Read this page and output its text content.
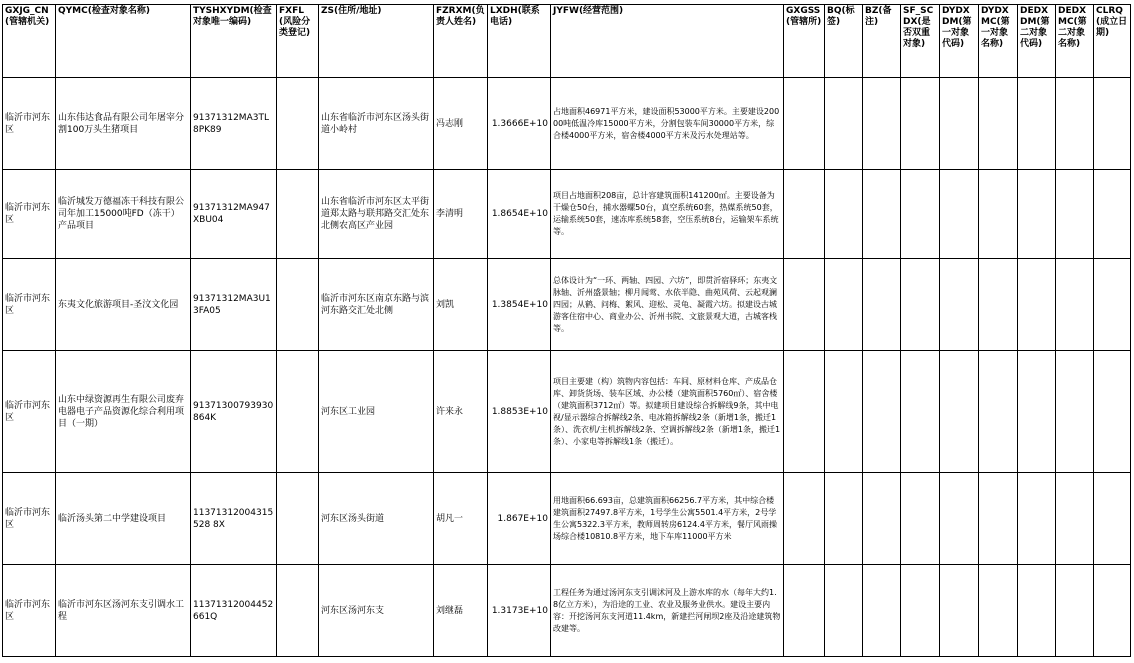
GXJG_CN(管辖机关)	QYMC(检查对象名称)	TYSHXYDM(检查对象唯一编码)	FXFL(风险分类登记)	ZS(住所/地址)	FZRXM(负责人姓名)	LXDH(联系电话)	JYFW(经营范围)	GXGSS(管辖所)	BQ(标签)	BZ(备注)	SF_SCDX(是否双重对象)	DYDXDM(第一对象代码)	DYDXMC(第一对象名称)	DEDXDM(第二对象代码)	DEDXMC(第二对象名称)	CLRQ(成立日期)
临沂市河东区	山东伟达食品有限公司年屠宰分割100万头生猪项目	91371312MA3TL8PK89		山东省临沂市河东区汤头街道小岭村	冯志刚	1.3666E+10	占地面积46971平方米，建设面积53000平方米。主要建设20000吨低温冷库15000平方米，分割包装车间30000平方米，综合楼4000平方米，宿舍楼4000平方米及污水处理站等。									
临沂市河东区	临沂城发万德福冻干科技有限公司年加工15000吨FD（冻干）产品项目	91371312MA947XBU04		山东省临沂市河东区太平街道郑太路与联邦路交汇处东北侧农高区产业园	李清明	1.8654E+10	项目占地面积208亩，总计容建筑面积141200㎡。主要设备为干燥仓50台，捕水器螺50台，真空系统60套，热媒系统50套，运输系统50套，速冻库系统58套，空压系统8台，运输架车系统等。									
临沂市河东区	东夷文化旅游项目-圣汶文化园	91371312MA3U13FA05		临沂市河东区南京东路与滨河东路交汇处北侧	刘凯	1.3854E+10	总体设计为“一环、两轴、四园、六坊”，即贯沂宿驿环；东夷文脉轴、沂州盛景轴；柳月闻莺、水依半隐、曲苑风荷、云起观澜四园；从鹤、问梅、絮风、迎松、灵龟、凝霞六坊。拟建设古城游客住宿中心、商业办公、沂州书院、文旅景观大道，古城客栈等。									
临沂市河东区	山东中绿资源再生有限公司废弃电器电子产品资源化综合利用项目（一期）	91371300793930864K		河东区工业园	许来永	1.8853E+10	项目主要建（构）筑物内容包括：车间、原材料仓库、产成品仓库、卸货货场、装车区域、办公楼（建筑面积5760㎡）、宿舍楼（建筑面积3712㎡）等。拟建项目建设综合拆解线9条，其中电视/显示器综合拆解线2条、电冰箱拆解线2条（新增1条，搬迁1条）、洗衣机/主机拆解线2条、空调拆解线2条（新增1条，搬迁1条）、小家电等拆解线1条（搬迁）。									
临沂市河东区	临沂汤头第二中学建设项目	11371312004315528 8X		河东区汤头街道	胡凡一	1.867E+10	用地面积66.693亩，总建筑面积66256.7平方米，其中综合楼建筑面积27497.8平方米，1号学生公寓5501.4平方米，2号学生公寓5322.3平方米，教师周转房6124.4平方米，餐厅风雨操场综合楼10810.8平方米，地下车库11000平方米									
临沂市河东区	临沂市河东区汤河东支引调水工程	11371312004452661Q		河东区汤河东支	刘继磊	1.3173E+10	工程任务为通过汤河东支引调沭河及上游水库的水（每年大约1.8亿立方米），为沿途的工业、农业及服务业供水。建设主要内容：开挖汤河东支河道11.4km，新建拦河闸坝2座及沿途建筑物改建等。									
